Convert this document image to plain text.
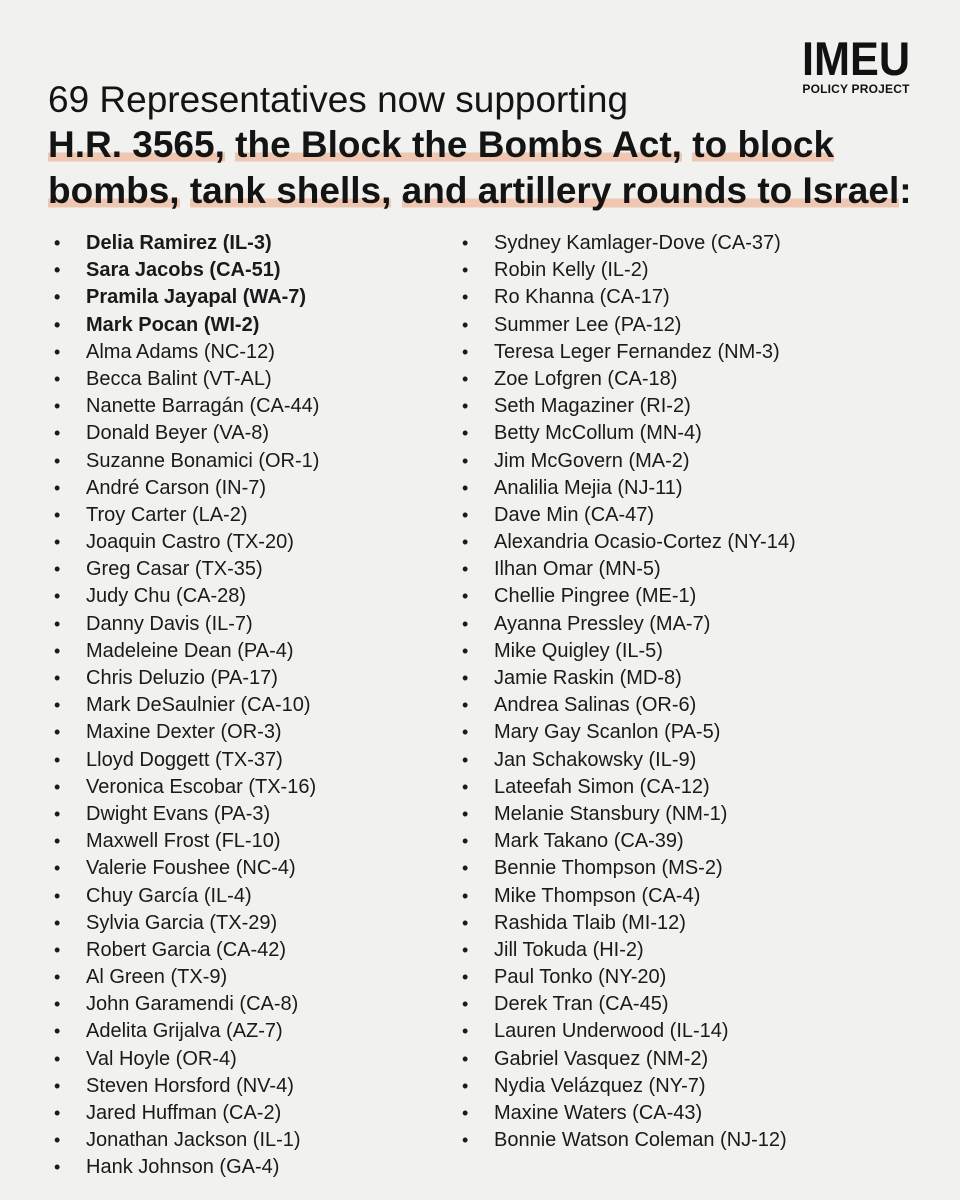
IMEU
POLICY PROJECT
69 Representatives now supporting
H.R. 3565, the Block the Bombs Act, to block
bombs, tank shells, and artillery rounds to Israel:
• Delia Ramirez (IL-3)
• Sara Jacobs (CA-51)
• Pramila Jayapal (WA-7)
• Mark Pocan (WI-2)
• Alma Adams (NC-12)
• Becca Balint (VT-AL)
• Nanette Barragán (CA-44)
• Donald Beyer (VA-8)
• Suzanne Bonamici (OR-1)
• André Carson (IN-7)
• Troy Carter (LA-2)
• Joaquin Castro (TX-20)
• Greg Casar (TX-35)
• Judy Chu (CA-28)
• Danny Davis (IL-7)
• Madeleine Dean (PA-4)
• Chris Deluzio (PA-17)
• Mark DeSaulnier (CA-10)
• Maxine Dexter (OR-3)
• Lloyd Doggett (TX-37)
• Veronica Escobar (TX-16)
• Dwight Evans (PA-3)
• Maxwell Frost (FL-10)
• Valerie Foushee (NC-4)
• Chuy García (IL-4)
• Sylvia Garcia (TX-29)
• Robert Garcia (CA-42)
• Al Green (TX-9)
• John Garamendi (CA-8)
• Adelita Grijalva (AZ-7)
• Val Hoyle (OR-4)
• Steven Horsford (NV-4)
• Jared Huffman (CA-2)
• Jonathan Jackson (IL-1)
• Hank Johnson (GA-4)
• Sydney Kamlager-Dove (CA-37)
• Robin Kelly (IL-2)
• Ro Khanna (CA-17)
• Summer Lee (PA-12)
• Teresa Leger Fernandez (NM-3)
• Zoe Lofgren (CA-18)
• Seth Magaziner (RI-2)
• Betty McCollum (MN-4)
• Jim McGovern (MA-2)
• Analilia Mejia (NJ-11)
• Dave Min (CA-47)
• Alexandria Ocasio-Cortez (NY-14)
• Ilhan Omar (MN-5)
• Chellie Pingree (ME-1)
• Ayanna Pressley (MA-7)
• Mike Quigley (IL-5)
• Jamie Raskin (MD-8)
• Andrea Salinas (OR-6)
• Mary Gay Scanlon (PA-5)
• Jan Schakowsky (IL-9)
• Lateefah Simon (CA-12)
• Melanie Stansbury (NM-1)
• Mark Takano (CA-39)
• Bennie Thompson (MS-2)
• Mike Thompson (CA-4)
• Rashida Tlaib (MI-12)
• Jill Tokuda (HI-2)
• Paul Tonko (NY-20)
• Derek Tran (CA-45)
• Lauren Underwood (IL-14)
• Gabriel Vasquez (NM-2)
• Nydia Velázquez (NY-7)
• Maxine Waters (CA-43)
• Bonnie Watson Coleman (NJ-12)
